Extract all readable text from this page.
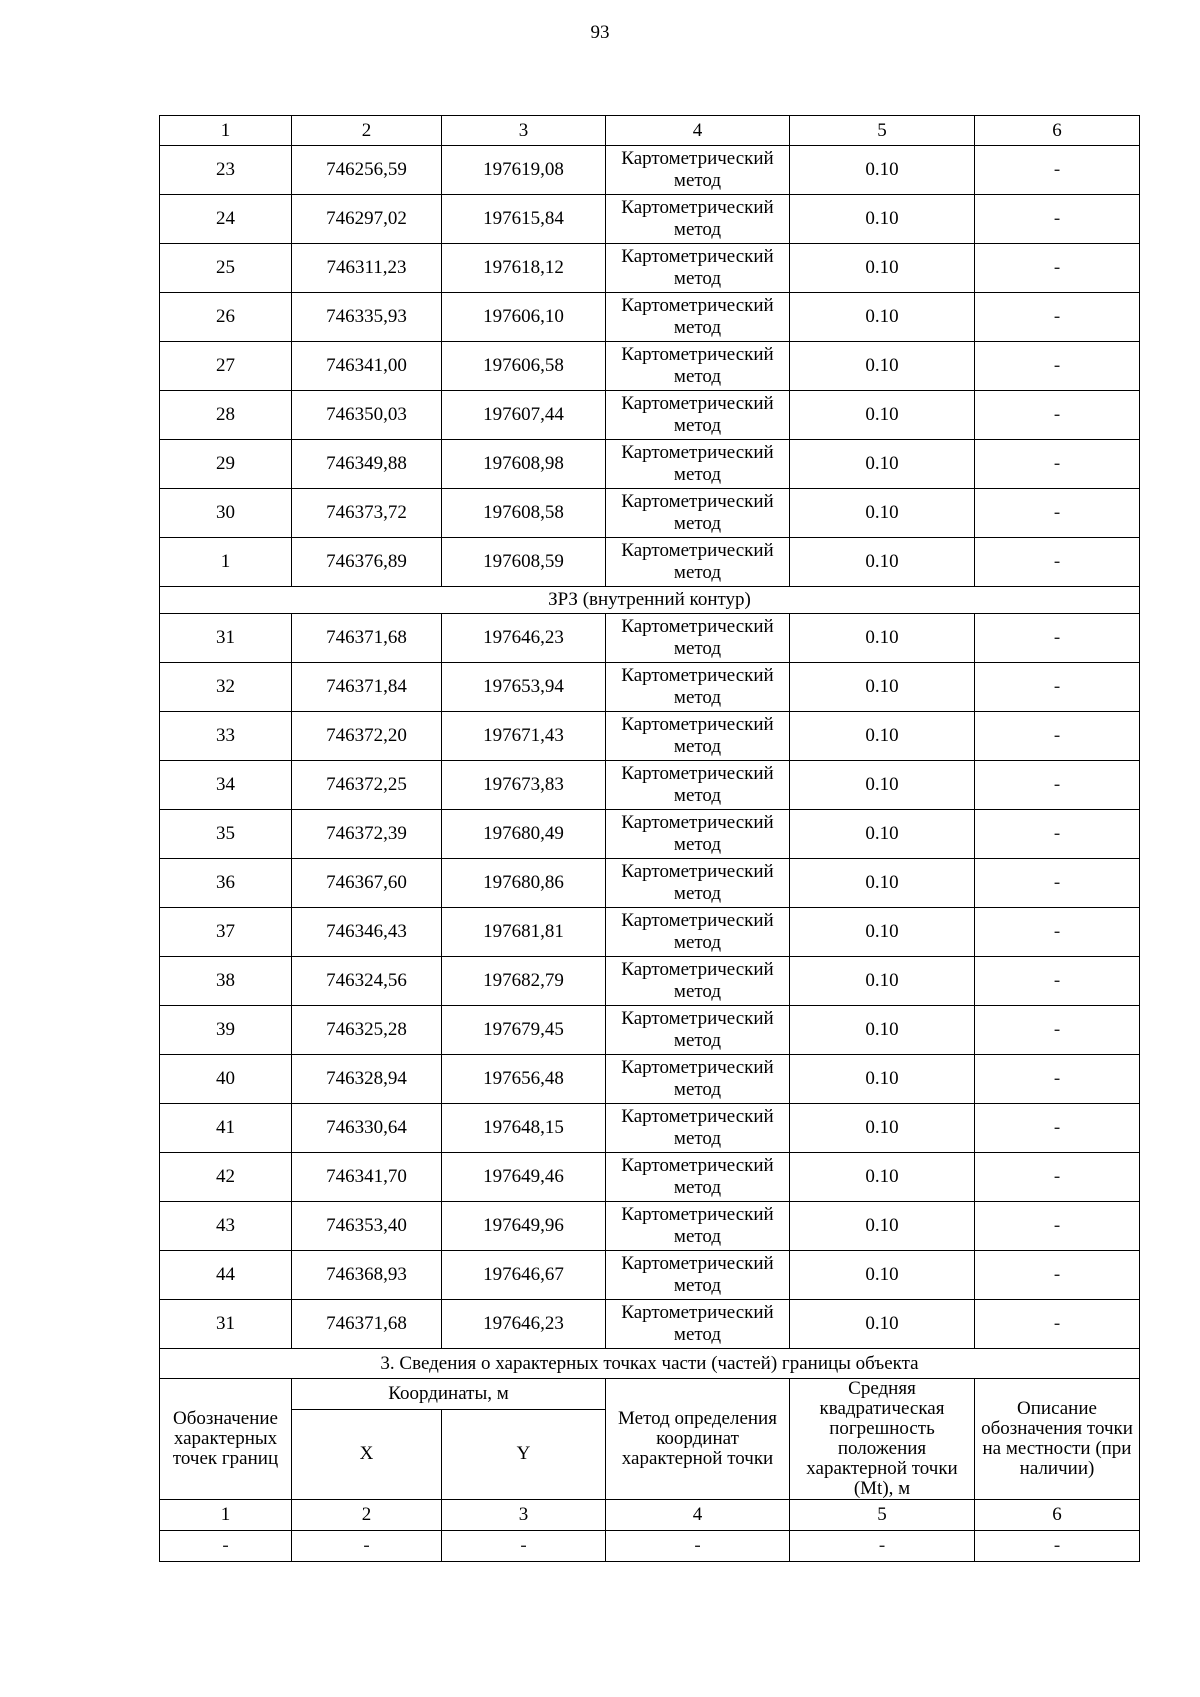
93
1	2	3	4	5	6
23	746256,59	197619,08	Картометрический метод	0.10	-
24	746297,02	197615,84	Картометрический метод	0.10	-
25	746311,23	197618,12	Картометрический метод	0.10	-
26	746335,93	197606,10	Картометрический метод	0.10	-
27	746341,00	197606,58	Картометрический метод	0.10	-
28	746350,03	197607,44	Картометрический метод	0.10	-
29	746349,88	197608,98	Картометрический метод	0.10	-
30	746373,72	197608,58	Картометрический метод	0.10	-
1	746376,89	197608,59	Картометрический метод	0.10	-
ЗРЗ (внутренний контур)					
31	746371,68	197646,23	Картометрический метод	0.10	-
32	746371,84	197653,94	Картометрический метод	0.10	-
33	746372,20	197671,43	Картометрический метод	0.10	-
34	746372,25	197673,83	Картометрический метод	0.10	-
35	746372,39	197680,49	Картометрический метод	0.10	-
36	746367,60	197680,86	Картометрический метод	0.10	-
37	746346,43	197681,81	Картометрический метод	0.10	-
38	746324,56	197682,79	Картометрический метод	0.10	-
39	746325,28	197679,45	Картометрический метод	0.10	-
40	746328,94	197656,48	Картометрический метод	0.10	-
41	746330,64	197648,15	Картометрический метод	0.10	-
42	746341,70	197649,46	Картометрический метод	0.10	-
43	746353,40	197649,96	Картометрический метод	0.10	-
44	746368,93	197646,67	Картометрический метод	0.10	-
31	746371,68	197646,23	Картометрический метод	0.10	-
3. Сведения о характерных точках части (частей) границы объекта					
Обозначение характерных точек границ	Координаты, м		Метод определения координат характерной точки	Средняя квадратическая погрешность положения характерной точки (Mt), м	Описание обозначения точки на местности (при наличии)
	X	Y			
1	2	3	4	5	6
-	-	-	-	-	-
